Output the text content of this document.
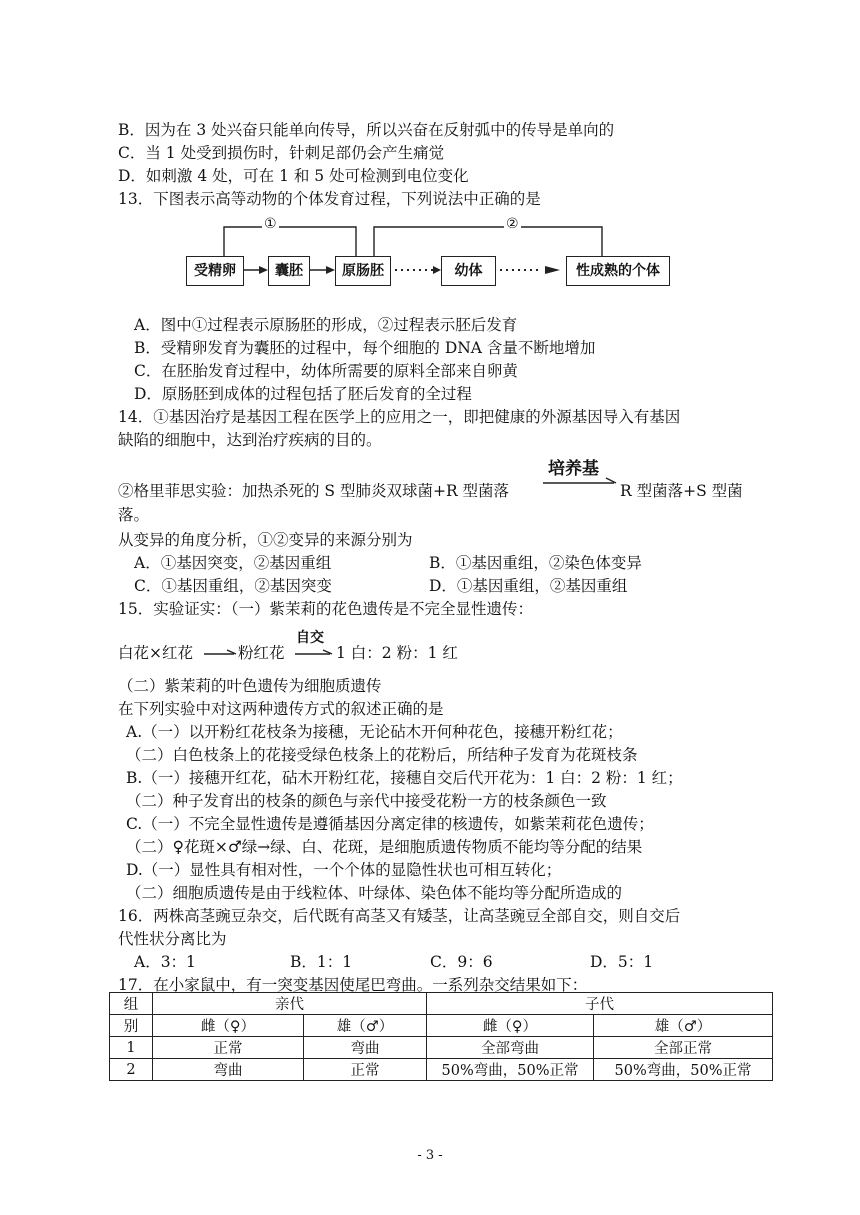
B．因为在 3 处兴奋只能单向传导，所以兴奋在反射弧中的传导是单向的
C．当 1 处受到损伤时，针刺足部仍会产生痛觉
D．如刺激 4 处，可在 1 和 5 处可检测到电位变化
13．下图表示高等动物的个体发育过程，下列说法中正确的是
①	②
受精卵	囊胚	原肠胚	幼体	性成熟的个体
A．图中①过程表示原肠胚的形成，②过程表示胚后发育
B．受精卵发育为囊胚的过程中，每个细胞的 DNA 含量不断地增加
C．在胚胎发育过程中，幼体所需要的原料全部来自卵黄
D．原肠胚到成体的过程包括了胚后发育的全过程
14．①基因治疗是基因工程在医学上的应用之一，即把健康的外源基因导入有基因
缺陷的细胞中，达到治疗疾病的目的。
②格里菲思实验：加热杀死的 S 型肺炎双球菌+R 型菌落
培养基
R 型菌落+S 型菌
落。
从变异的角度分析，①②变异的来源分别为
A．①基因突变，②基因重组	B．①基因重组，②染色体变异
C．①基因重组，②基因突变	D．①基因重组，②基因重组
15．实验证实：（一）紫茉莉的花色遗传是不完全显性遗传：
白花×红花	粉红花
自交
1 白：2 粉：1 红
（二）紫茉莉的叶色遗传为细胞质遗传
在下列实验中对这两种遗传方式的叙述正确的是
A.（一）以开粉红花枝条为接穗，无论砧木开何种花色，接穗开粉红花；
（二）白色枝条上的花接受绿色枝条上的花粉后，所结种子发育为花斑枝条
B.（一）接穗开红花，砧木开粉红花，接穗自交后代开花为：1 白：2 粉：1 红；
（二）种子发育出的枝条的颜色与亲代中接受花粉一方的枝条颜色一致
C.（一）不完全显性遗传是遵循基因分离定律的核遗传，如紫茉莉花色遗传；
（二）♀花斑×♂绿→绿、白、花斑，是细胞质遗传物质不能均等分配的结果
D.（一）显性具有相对性，一个个体的显隐性状也可相互转化；
（二）细胞质遗传是由于线粒体、叶绿体、染色体不能均等分配所造成的
16．两株高茎豌豆杂交，后代既有高茎又有矮茎，让高茎豌豆全部自交，则自交后
代性状分离比为
A．3：1	B．1：1	C．9：6	D．5：1
17．在小家鼠中，有一突变基因使尾巴弯曲。一系列杂交结果如下：
组	亲代		子代	
别	雌（♀）	雄（♂）	雌（♀）	雄（♂）
1	正常	弯曲	全部弯曲	全部正常
2	弯曲	正常	50%弯曲，50%正常	50%弯曲，50%正常
- 3 -
